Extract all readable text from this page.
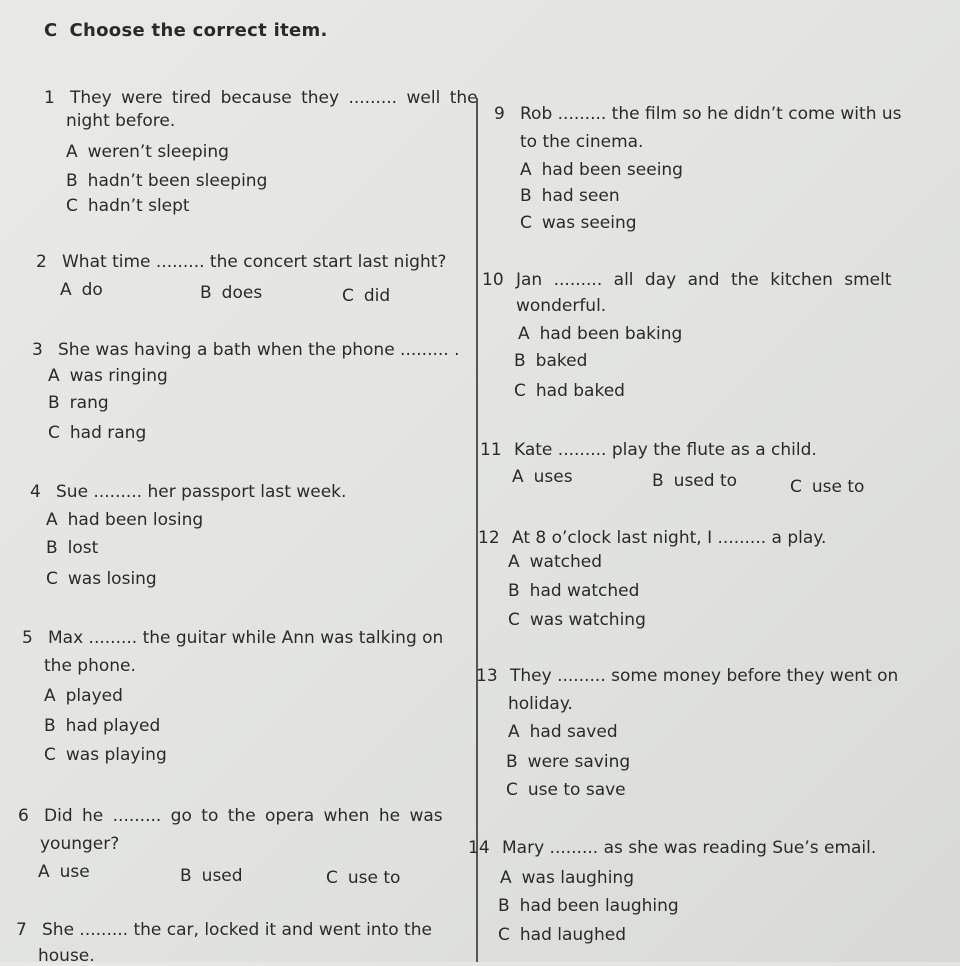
C Choose the correct item.
1 They were tired because they ......... well the
night before.
A weren’t sleeping
B hadn’t been sleeping
C hadn’t slept
2 What time ......... the concert start last night?
A do	B does	C did
3 She was having a bath when the phone ......... .
A was ringing
B rang
C had rang
4 Sue ......... her passport last week.
A had been losing
B lost
C was losing
5 Max ......... the guitar while Ann was talking on
the phone.
A played
B had played
C was playing
6 Did he ......... go to the opera when he was
younger?
A use	B used	C use to
7 She ......... the car, locked it and went into the
house.
9 Rob ......... the film so he didn’t come with us
to the cinema.
A had been seeing
B had seen
C was seeing
10 Jan ......... all day and the kitchen smelt
wonderful.
A had been baking
B baked
C had baked
11 Kate ......... play the flute as a child.
A uses	B used to	C use to
12 At 8 o’clock last night, I ......... a play.
A watched
B had watched
C was watching
13 They ......... some money before they went on
holiday.
A had saved
B were saving
C use to save
14 Mary ......... as she was reading Sue’s email.
A was laughing
B had been laughing
C had laughed
